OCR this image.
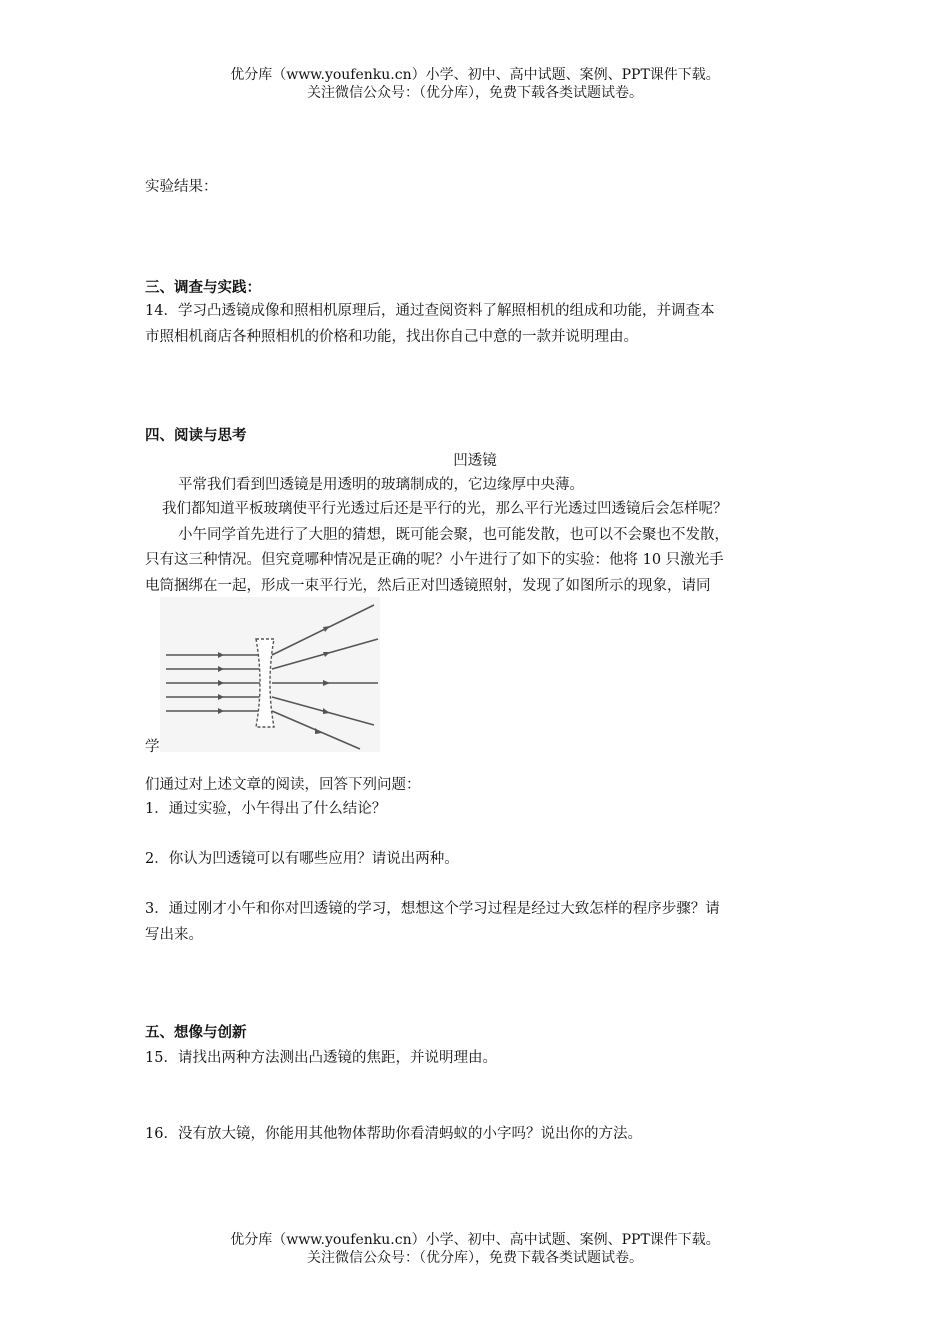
优分库（www.youfenku.cn）小学、初中、高中试题、案例、PPT课件下载。
关注微信公众号：（优分库），免费下载各类试题试卷。
实验结果：
三、调查与实践：
14．学习凸透镜成像和照相机原理后，通过查阅资料了解照相机的组成和功能，并调查本
市照相机商店各种照相机的价格和功能，找出你自己中意的一款并说明理由。
四、阅读与思考
凹透镜
平常我们看到凹透镜是用透明的玻璃制成的，它边缘厚中央薄。
我们都知道平板玻璃使平行光透过后还是平行的光，那么平行光透过凹透镜后会怎样呢？
小午同学首先进行了大胆的猜想，既可能会聚，也可能发散，也可以不会聚也不发散，
只有这三种情况。但究竟哪种情况是正确的呢？小午进行了如下的实验：他将 10 只激光手
电筒捆绑在一起，形成一束平行光，然后正对凹透镜照射，发现了如图所示的现象，请同
学
们通过对上述文章的阅读，回答下列问题：
1．通过实验，小午得出了什么结论？
2．你认为凹透镜可以有哪些应用？请说出两种。
3．通过刚才小午和你对凹透镜的学习，想想这个学习过程是经过大致怎样的程序步骤？请
写出来。
五、想像与创新
15．请找出两种方法测出凸透镜的焦距，并说明理由。
16．没有放大镜，你能用其他物体帮助你看清蚂蚁的小字吗？说出你的方法。
优分库（www.youfenku.cn）小学、初中、高中试题、案例、PPT课件下载。
关注微信公众号：（优分库），免费下载各类试题试卷。
